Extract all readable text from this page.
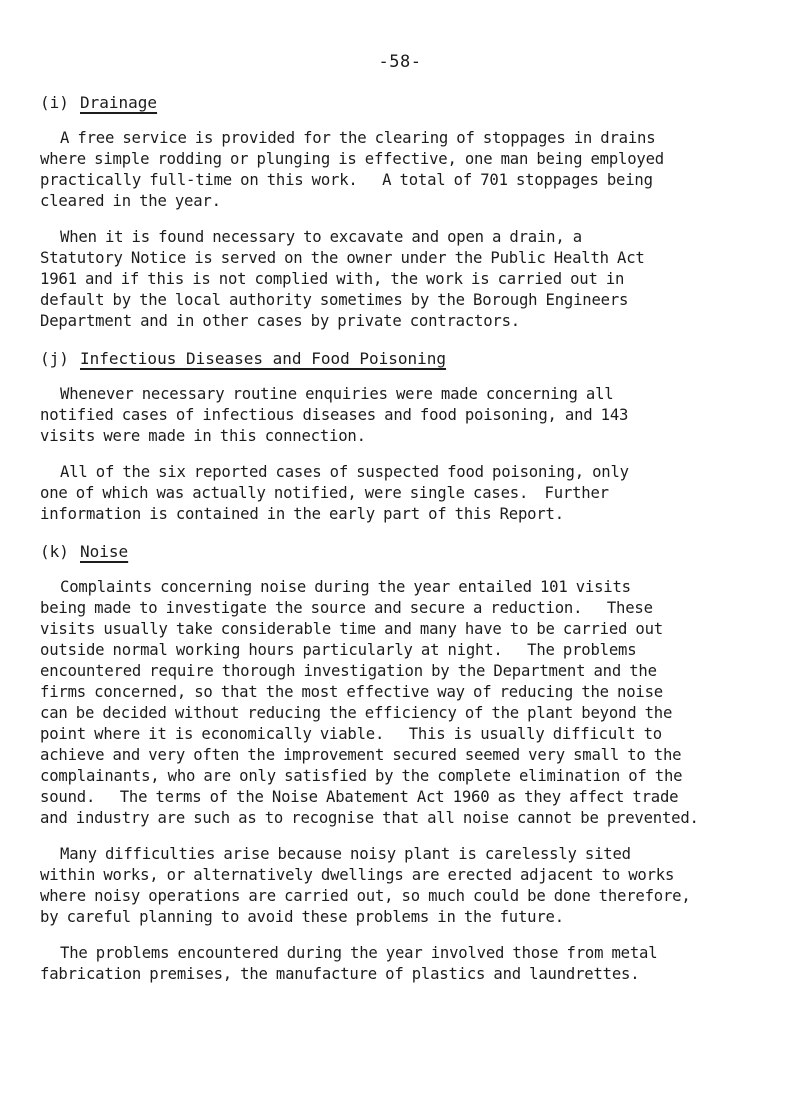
-58-
(i) Drainage
A free service is provided for the clearing of stoppages in drains
where simple rodding or plunging is effective, one man being employed
practically full-time on this work.   A total of 701 stoppages being
cleared in the year.
When it is found necessary to excavate and open a drain, a
Statutory Notice is served on the owner under the Public Health Act
1961 and if this is not complied with, the work is carried out in
default by the local authority sometimes by the Borough Engineers
Department and in other cases by private contractors.
(j) Infectious Diseases and Food Poisoning
Whenever necessary routine enquiries were made concerning all
notified cases of infectious diseases and food poisoning, and 143
visits were made in this connection.
All of the six reported cases of suspected food poisoning, only
one of which was actually notified, were single cases.  Further
information is contained in the early part of this Report.
(k) Noise
Complaints concerning noise during the year entailed 101 visits
being made to investigate the source and secure a reduction.   These
visits usually take considerable time and many have to be carried out
outside normal working hours particularly at night.   The problems
encountered require thorough investigation by the Department and the
firms concerned, so that the most effective way of reducing the noise
can be decided without reducing the efficiency of the plant beyond the
point where it is economically viable.   This is usually difficult to
achieve and very often the improvement secured seemed very small to the
complainants, who are only satisfied by the complete elimination of the
sound.   The terms of the Noise Abatement Act 1960 as they affect trade
and industry are such as to recognise that all noise cannot be prevented.
Many difficulties arise because noisy plant is carelessly sited
within works, or alternatively dwellings are erected adjacent to works
where noisy operations are carried out, so much could be done therefore,
by careful planning to avoid these problems in the future.
The problems encountered during the year involved those from metal
fabrication premises, the manufacture of plastics and laundrettes.
